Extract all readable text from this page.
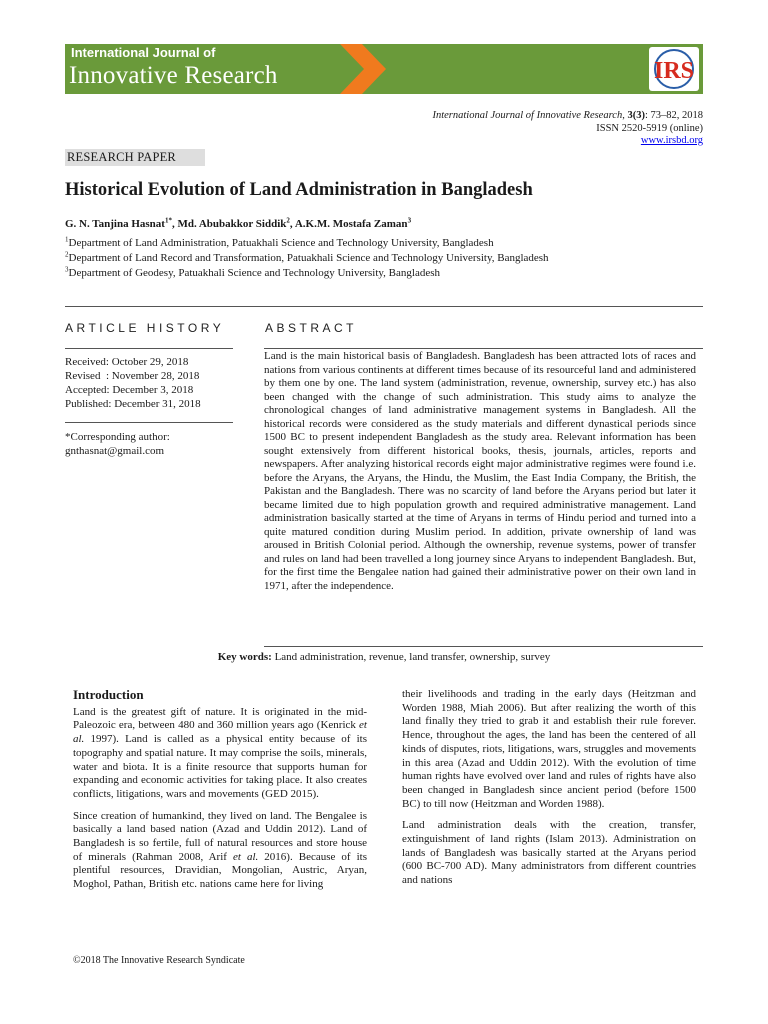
International Journal of
Innovative Research	IRS
International Journal of Innovative Research, 3(3): 73–82, 2018
ISSN 2520-5919 (online)
www.irsbd.org
RESEARCH PAPER
Historical Evolution of Land Administration in Bangladesh
G. N. Tanjina Hasnat$^{1*}$, Md. Abubakkor Siddik$^2$, A.K.M. Mostafa Zaman$^3$
$^1$Department of Land Administration, Patuakhali Science and Technology University, Bangladesh
$^2$Department of Land Record and Transformation, Patuakhali Science and Technology University, Bangladesh
$^3$Department of Geodesy, Patuakhali Science and Technology University, Bangladesh
ARTICLE HISTORY	ABSTRACT
Received: October 29, 2018
Revised  : November 28, 2018
Accepted: December 3, 2018
Published: December 31, 2018
*Corresponding author:
gnthasnat@gmail.com

Land is the main historical basis of Bangladesh. Bangladesh has been attracted lots of races and nations from various continents at different times because of its resourceful land and administered by them one by one. The land system (administration, revenue, ownership, survey etc.) has also been changed with the change of such administration. This study aims to analyze the chronological changes of land administrative management systems in Bangladesh. All the historical records were considered as the study materials and different dynastical periods since 1500 BC to present independent Bangladesh as the study area. Relevant information has been sought extensively from different historical books, thesis, journals, articles, reports and newspapers. After analyzing historical records eight major administrative regimes were found i.e. before the Aryans, the Aryans, the Hindu, the Muslim, the East India Company, the British, the Pakistan and the Bangladesh. There was no scarcity of land before the Aryans period but later it became limited due to high population growth and required administrative management. Land administration basically started at the time of Aryans in terms of Hindu period and turned into a quite matured condition during Muslim period. In addition, private ownership of land was aroused in British Colonial period. Although the ownership, revenue systems, power of transfer and rules on land had been travelled a long journey since Aryans to independent Bangladesh. But, for the first time the Bengalee nation had gained their administrative power on their own land in 1971, after the independence.

Key words: Land administration, revenue, land transfer, ownership, survey
Introduction

Land is the greatest gift of nature. It is originated in the mid-Paleozoic era, between 480 and 360 million years ago (Kenrick et al. 1997). Land is called as a physical entity because of its topography and spatial nature. It may comprise the soils, minerals, water and biota. It is a finite resource that supports human for expanding and economic activities for taking place. It also creates conflicts, litigations, wars and movements (GED 2015).

Since creation of humankind, they lived on land. The Bengalee is basically a land based nation (Azad and Uddin 2012). Land of Bangladesh is so fertile, full of natural resources and store house of minerals (Rahman 2008, Arif et al. 2016). Because of its plentiful resources, Dravidian, Mongolian, Austric, Aryan, Moghol, Pathan, British etc. nations came here for living

their livelihoods and trading in the early days (Heitzman and Worden 1988, Miah 2006). But after realizing the worth of this land finally they tried to grab it and establish their rule forever. Hence, throughout the ages, the land has been the centered of all kinds of disputes, riots, litigations, wars, struggles and movements in this area (Azad and Uddin 2012). With the evolution of time human rights have evolved over land and rules of rights have also been changed in Bangladesh since ancient period (before 1500 BC) to till now (Heitzman and Worden 1988).

Land administration deals with the creation, transfer, extinguishment of land rights (Islam 2013). Administration on lands of Bangladesh was basically started at the Aryans period (600 BC-700 AD). Many administrators from different countries and nations

©2018 The Innovative Research Syndicate
